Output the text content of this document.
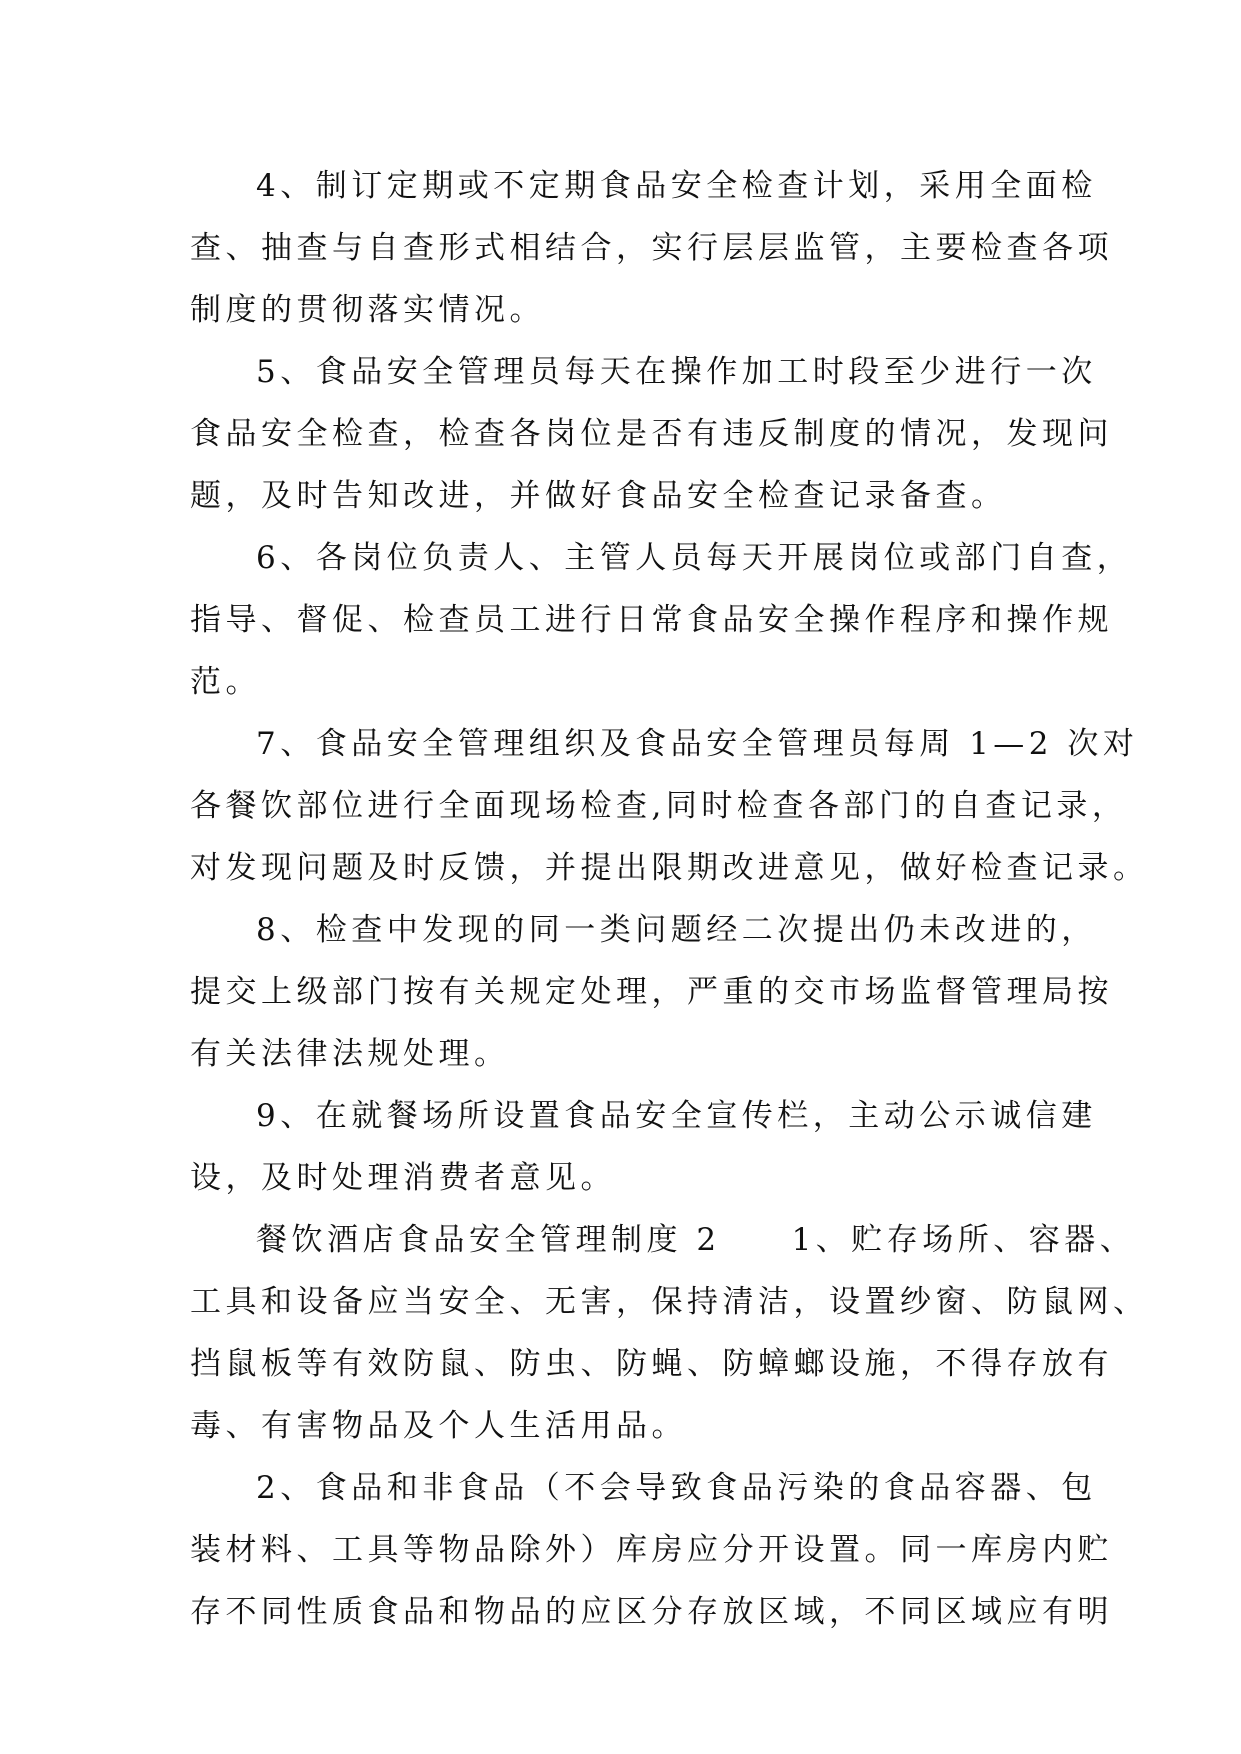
4、制订定期或不定期食品安全检查计划，采用全面检
查、抽查与自查形式相结合，实行层层监管，主要检查各项
制度的贯彻落实情况。
5、食品安全管理员每天在操作加工时段至少进行一次
食品安全检查，检查各岗位是否有违反制度的情况，发现问
题，及时告知改进，并做好食品安全检查记录备查。
6、各岗位负责人、主管人员每天开展岗位或部门自查，
指导、督促、检查员工进行日常食品安全操作程序和操作规
范。
7、食品安全管理组织及食品安全管理员每周 1—2 次对
各餐饮部位进行全面现场检查,同时检查各部门的自查记录，
对发现问题及时反馈，并提出限期改进意见，做好检查记录。
8、检查中发现的同一类问题经二次提出仍未改进的，
提交上级部门按有关规定处理，严重的交市场监督管理局按
有关法律法规处理。
9、在就餐场所设置食品安全宣传栏，主动公示诚信建
设，及时处理消费者意见。
餐饮酒店食品安全管理制度 2　　1、贮存场所、容器、
工具和设备应当安全、无害，保持清洁，设置纱窗、防鼠网、
挡鼠板等有效防鼠、防虫、防蝇、防蟑螂设施，不得存放有
毒、有害物品及个人生活用品。
2、食品和非食品（不会导致食品污染的食品容器、包
装材料、工具等物品除外）库房应分开设置。同一库房内贮
存不同性质食品和物品的应区分存放区域，不同区域应有明
